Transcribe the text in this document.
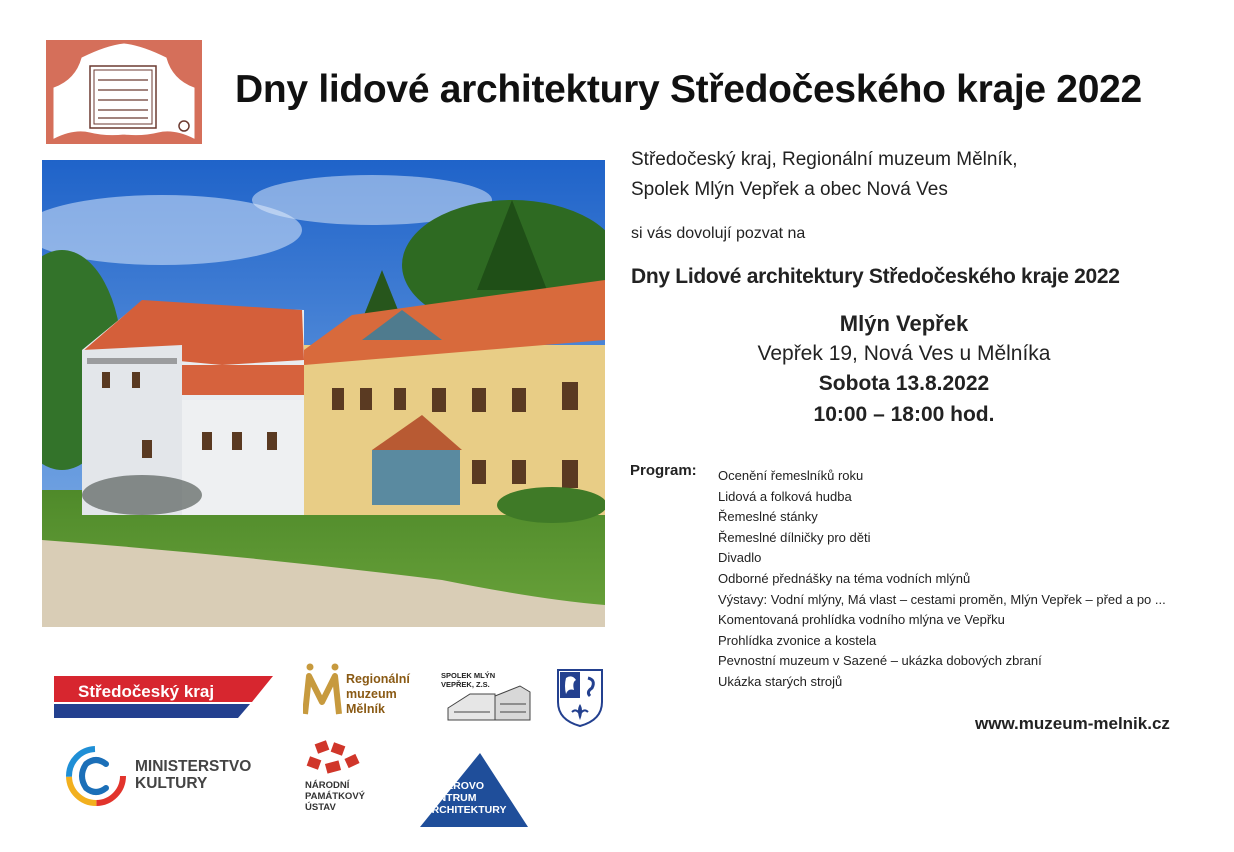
Dny lidové architektury Středočeského kraje 2022
Středočeský kraj, Regionální muzeum Mělník,
Spolek Mlýn Vepřek a obec Nová Ves
si vás dovolují pozvat na
Dny Lidové architektury Středočeského kraje 2022
Mlýn Vepřek
Vepřek 19, Nová Ves u Mělníka
Sobota 13.8.2022
10:00 – 18:00 hod.
Program: Ocenění řemeslníků roku
Lidová a folková hudba
Řemeslné stánky
Řemeslné dílničky pro děti
Divadlo
Odborné přednášky na téma vodních mlýnů
Výstavy: Vodní mlýny, Má vlast – cestami proměn, Mlýn Vepřek – před a po ...
Komentovaná prohlídka vodního mlýna ve Vepřku
Prohlídka zvonice a kostela
Pevnostní muzeum v Sazené – ukázka dobových zbraní
Ukázka starých strojů
www.muzeum-melnik.cz
Středočeský kraj
Regionální
muzeum
Mělník
SPOLEK MLÝN
VEPŘEK, Z.S.
MINISTERSTVO
KULTURY	NÁRODNÍ
PAMÁTKOVÝ
ÚSTAV
KOTĚROVO
CENTRUM
ARCHITEKTURY
